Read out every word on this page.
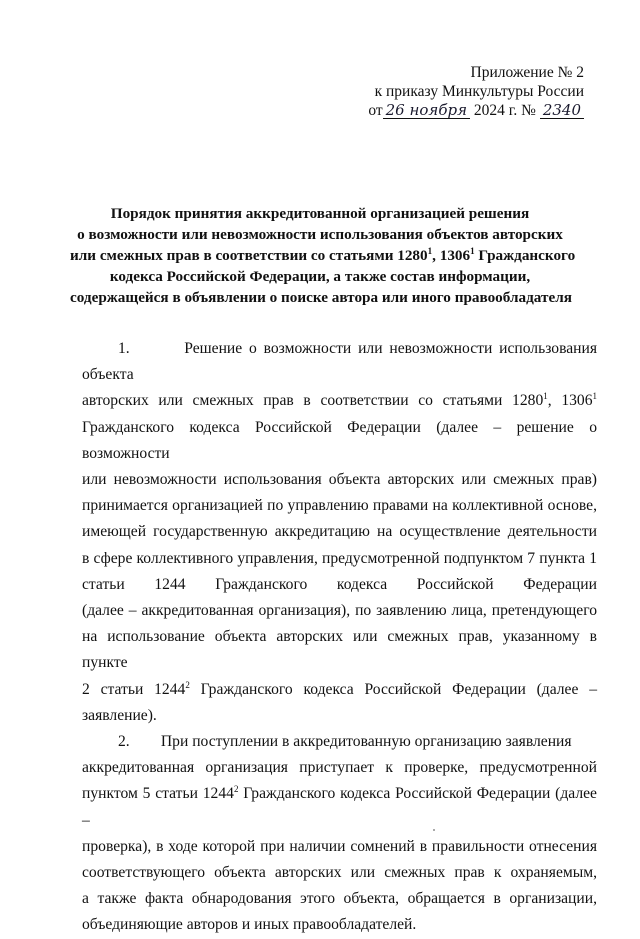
Приложение № 2
к приказу Минкультуры России
от 26 ноября 2024 г. № 2340
Порядок принятия аккредитованной организацией решения
о возможности или невозможности использования объектов авторских
или смежных прав в соответствии со статьями 1280$^1$, 1306$^1$ Гражданского
кодекса Российской Федерации, а также состав информации,
содержащейся в объявлении о поиске автора или иного правообладателя

1.	Решение о возможности или невозможности использования объекта
авторских или смежных прав в соответствии со статьями 1280$^1$, 1306$^1$
Гражданского кодекса Российской Федерации (далее – решение о возможности
или невозможности использования объекта авторских или смежных прав)
принимается организацией по управлению правами на коллективной основе,
имеющей государственную аккредитацию на осуществление деятельности
в сфере коллективного управления, предусмотренной подпунктом 7 пункта 1
статьи 1244 Гражданского кодекса Российской Федерации
(далее – аккредитованная организация), по заявлению лица, претендующего
на использование объекта авторских или смежных прав, указанному в пункте
2 статьи 1244$^2$ Гражданского кодекса Российской Федерации (далее –
заявление).

2. При поступлении в аккредитованную организацию заявления
аккредитованная организация приступает к проверке, предусмотренной
пунктом 5 статьи 1244$^2$ Гражданского кодекса Российской Федерации (далее –
проверка), в ходе которой при наличии сомнений в правильности отнесения
соответствующего объекта авторских или смежных прав к охраняемым,
а также факта обнародования этого объекта, обращается в организации,
объединяющие авторов и иных правообладателей.
